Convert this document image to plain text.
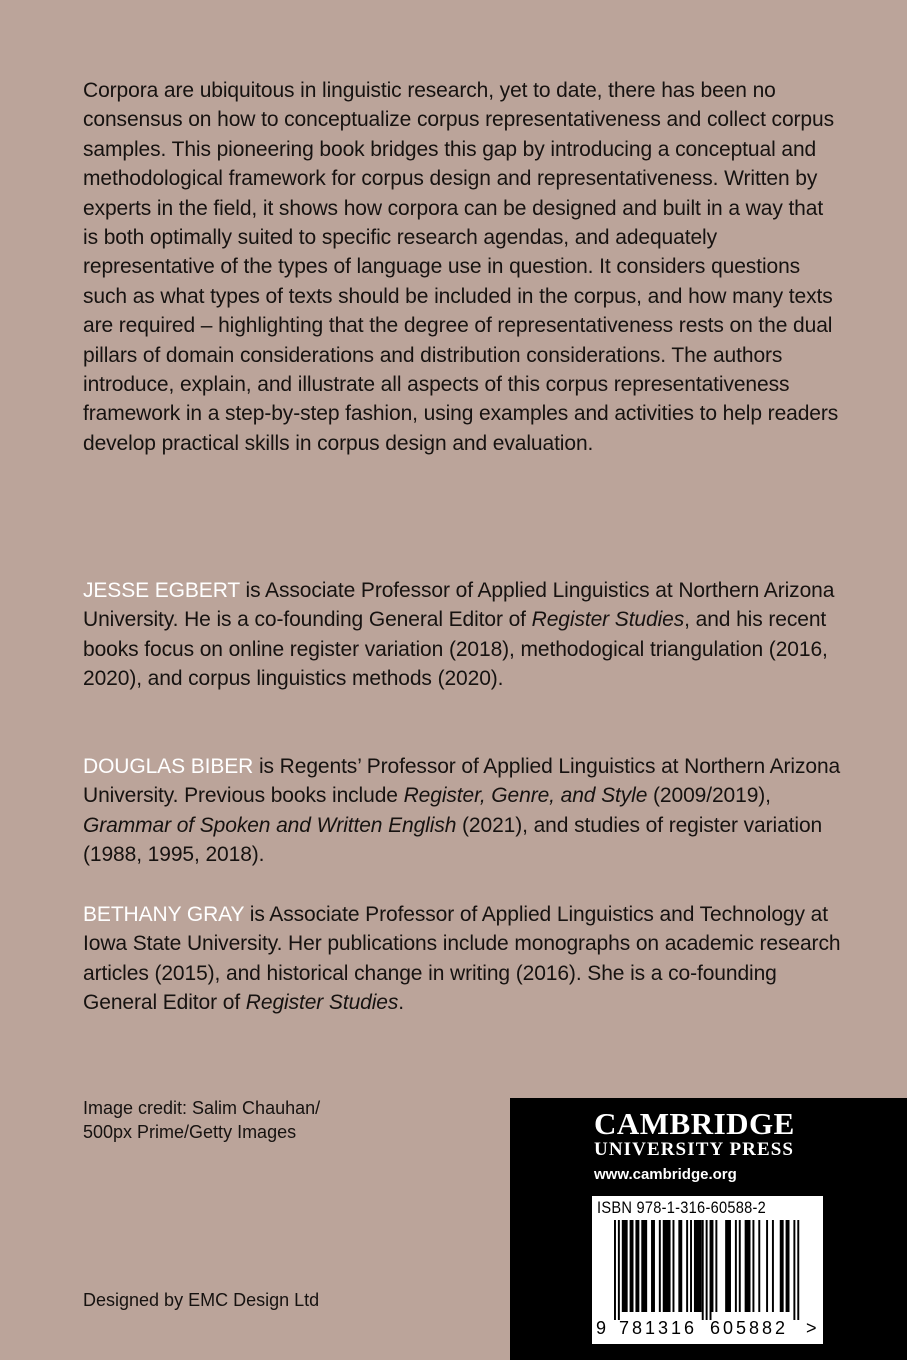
Corpora are ubiquitous in linguistic research, yet to date, there has been no consensus on how to conceptualize corpus representativeness and collect corpus samples. This pioneering book bridges this gap by introducing a conceptual and methodological framework for corpus design and representativeness. Written by experts in the field, it shows how corpora can be designed and built in a way that is both optimally suited to specific research agendas, and adequately representative of the types of language use in question. It considers questions such as what types of texts should be included in the corpus, and how many texts are required – highlighting that the degree of representativeness rests on the dual pillars of domain considerations and distribution considerations. The authors introduce, explain, and illustrate all aspects of this corpus representativeness framework in a step-by-step fashion, using examples and activities to help readers develop practical skills in corpus design and evaluation.

JESSE EGBERT is Associate Professor of Applied Linguistics at Northern Arizona University. He is a co-founding General Editor of Register Studies, and his recent books focus on online register variation (2018), methodogical triangulation (2016, 2020), and corpus linguistics methods (2020).

DOUGLAS BIBER is Regents’ Professor of Applied Linguistics at Northern Arizona University. Previous books include Register, Genre, and Style (2009/2019), Grammar of Spoken and Written English (2021), and studies of register variation (1988, 1995, 2018).

BETHANY GRAY is Associate Professor of Applied Linguistics and Technology at Iowa State University. Her publications include monographs on academic research articles (2015), and historical change in writing (2016). She is a co-founding General Editor of Register Studies.

Image credit: Salim Chauhan/
500px Prime/Getty Images

Designed by EMC Design Ltd

CAMBRIDGE
UNIVERSITY PRESS
www.cambridge.org
ISBN 978-1-316-60588-2
9 781316 605882 >
